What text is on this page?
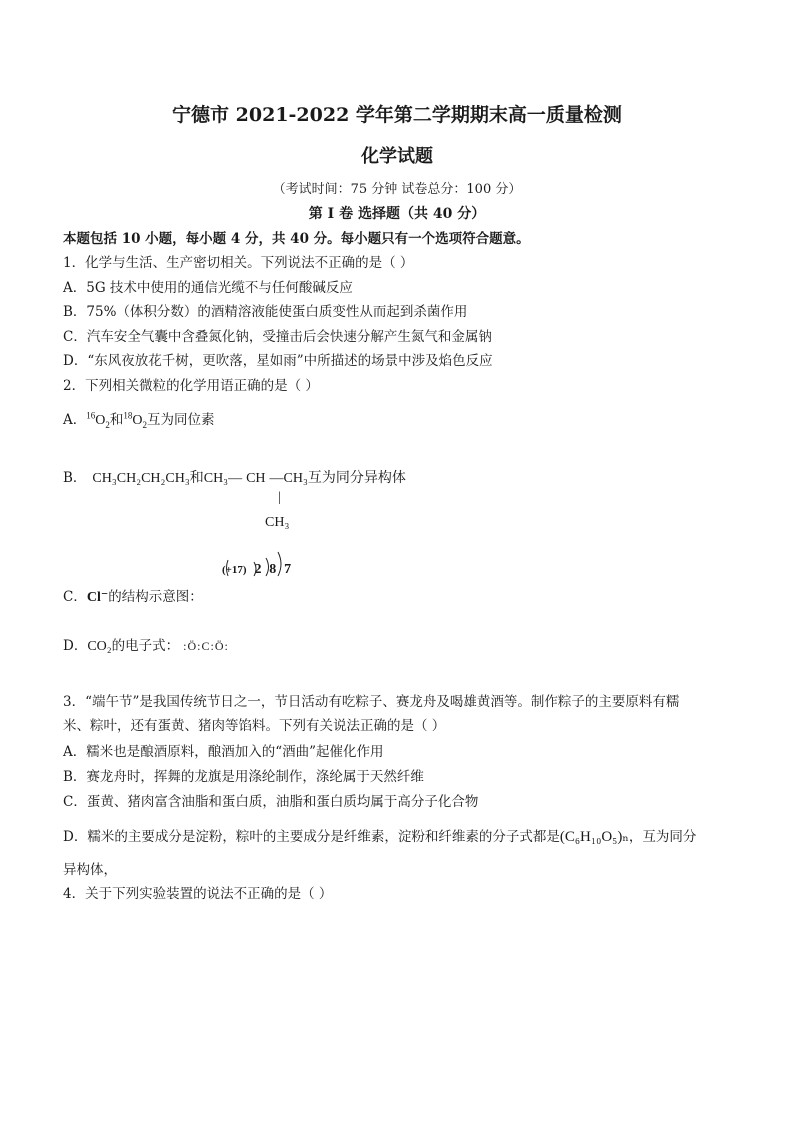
宁德市 2021-2022 学年第二学期期末高一质量检测
化学试题
（考试时间：75 分钟 试卷总分：100 分）
第 Ⅰ 卷 选择题（共 40 分）
本题包括 10 小题，每小题 4 分，共 40 分。每小题只有一个选项符合题意。
1．化学与生活、生产密切相关。下列说法不正确的是（ ）
A．5G 技术中使用的通信光缆不与任何酸碱反应
B．75%（体积分数）的酒精溶液能使蛋白质变性从而起到杀菌作用
C．汽车安全气囊中含叠氮化钠，受撞击后会快速分解产生氮气和金属钠
D．“东风夜放花千树，更吹落，星如雨”中所描述的场景中涉及焰色反应
2．下列相关微粒的化学用语正确的是（ ）
A．$^{16}O_2$和$^{18}O_2$互为同位素
B． CH₃CH₂CH₂CH₃和CH₃— CH —CH₃互为同分异构体
|
CH₃
(+17) 2 8 7
C．Cl⁻的结构示意图：
D．CO₂的电子式： :Ö:C:Ö:
3．“端午节”是我国传统节日之一，节日活动有吃粽子、赛龙舟及喝雄黄酒等。制作粽子的主要原料有糯
米、粽叶，还有蛋黄、猪肉等馅料。下列有关说法正确的是（ ）
A．糯米也是酿酒原料，酿酒加入的“酒曲”起催化作用
B．赛龙舟时，挥舞的龙旗是用涤纶制作，涤纶属于天然纤维
C．蛋黄、猪肉富含油脂和蛋白质，油脂和蛋白质均属于高分子化合物
D．糯米的主要成分是淀粉，粽叶的主要成分是纤维素，淀粉和纤维素的分子式都是(C₆H₁₀O₅)ₙ，互为同分
异构体，
4．关于下列实验装置的说法不正确的是（ ）
